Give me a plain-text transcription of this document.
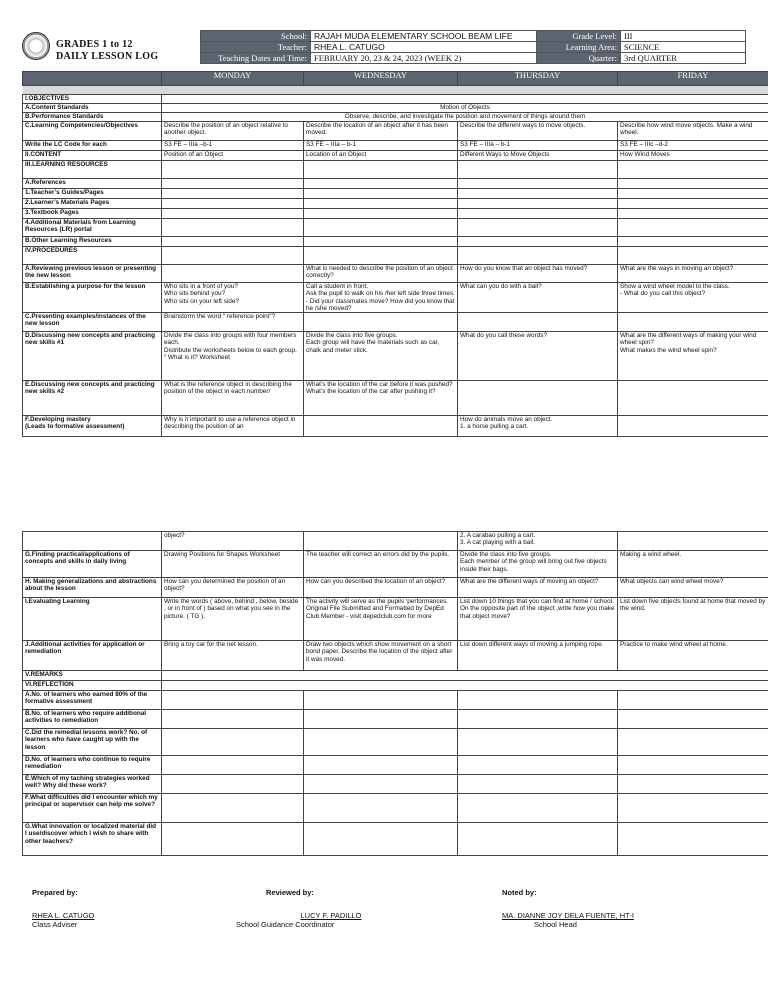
GRADES 1 to 12
DAILY LESSON LOG
School:	RAJAH MUDA ELEMENTARY SCHOOL BEAM LIFE	Grade Level:	III
Teacher:	RHEA L. CATUGO	Learning Area:	SCIENCE
Teaching Dates and Time:	FEBRUARY 20, 23 & 24, 2023 (WEEK 2)	Quarter:	3rd QUARTER
	MONDAY	WEDNESDAY	THURSDAY	FRIDAY

I.OBJECTIVES				
A.Content Standards	Motion of Objects			
B.Performance Standards	Observe, describe, and investigate the position and movement of things around them			
C.Learning Competencies/Objectives	Describe the position of an object relative to another object.	Describe the location of an object after it has been moved.	Describe the different ways to move objects.	Describe how wind move objects. Make a wind wheel.
Write the LC Code for each	S3 FE – IIIa –b-1	S3 FE – IIIa – b-1	S3 FE – IIIa – b-1	S3 FE – IIIc –d-2
II.CONTENT	Position of an Object	Location of an Object	Different Ways to Move Objects	How Wind Moves
III.LEARNING RESOURCES				
A.References				
1.Teacher’s Guides/Pages				
2.Learner’s Materials Pages				
3.Textbook Pages				
4.Additional Materials from Learning Resources (LR) portal				
B.Other Learning Resources				
IV.PROCEDURES				
A.Reviewing previous lesson or presenting the new lesson		What is needed to describe the position of an object correctly?	How do you know that an object has moved?	What are the ways in moving an object?
B.Establishing a purpose for the lesson	Who sits in a front of you?
Who sits behind you?
Who sits on your left side?	Call a student in front.
Ask the pupil to walk on his /her left side three times.
- Did your classmates move? How did you know that he /she moved?	What can you do with a ball?	Show a wind wheel model to the class.
- What do you call this object?
C.Presenting examples/instances of the new lesson	Brainstorm the word “ reference point”?			
D.Discussing new concepts and practicing new skills #1	Divide the class into groups with four members each.
Distribute the worksheets below to each group.
“ What is it? Worksheet	Divide the class into five groups.
Each group will have the materials such as car, chalk and meter stick.	What do you call these words?	What are the different ways of making your wind wheel spin?
What makes the wind wheel spin?
E.Discussing new concepts and practicing new skills #2	What is the reference object in describing the position of the object in each number/	What’s the location of the car before it was pushed?
What’s the location of the car after pushing it?		
F.Developing mastery
(Leads to formative assessment)	Why is it important to use a reference object in describing the position of an		How do animals move an object.
1. a horse pulling a cart.	
	object?		2. A carabao pulling a cart.
3. A cat playing with a ball.	
G.Finding practical/applications of concepts and skills in daily living	Drawing Positions for Shapes Worksheet	The teacher will correct an errors did by the pupils.	Divide the class into five groups.
Each member of the group will bring out five objects inside their bags.	Making a wind wheel.
H. Making generalizations and abstractions about the lesson	How can you determined the position of an object?	How can you described the location of an object?	What are the different ways of moving an object?	What objects can wind wheel move?
I.Evaluating Learning	Write the words ( above, behind , below, beside , or in front of ) based on what you see in the picture. ( TG ).	The activity will serve as the pupils ‘performances.
Original File Submitted and Formatted by DepEd Club Member - visit depedclub.com for more	List down 10 things that you can find at home / school. On the opposite part of the object ,write how you make that object move?	List down five objects found at home that moved by the wind.
J.Additional activities for application or remediation	Bring a toy car for the net lesson.	Draw two objects which show movement on a short bond paper. Describe the location of the object after it was moved.	List down different ways of moving a jumping rope.	Practice to make wind wheel at home.
V.REMARKS				
VI.REFLECTION				
A.No. of learners who earned 80% of the formative assessment				
B.No. of learners who require additional activities to remediation				
C.Did the remedial lessons work? No. of learners who have caught up with the lesson				
D.No. of learners who continue to require remediation				
E.Which of my taching strategies worked well? Why did these work?				
F.What difficulties did I encounter which my principal or supervisor can help me solve?				
G.What innovation or localized material did I use/discover which I wish to share with other teachers?				
Prepared by:
RHEA L. CATUGO
Class Adviser
Reviewed by:
LUCY F. PADILLO
School Guidance Coordinator
Noted by:
MA. DIANNE JOY DELA FUENTE, HT-I
School Head
